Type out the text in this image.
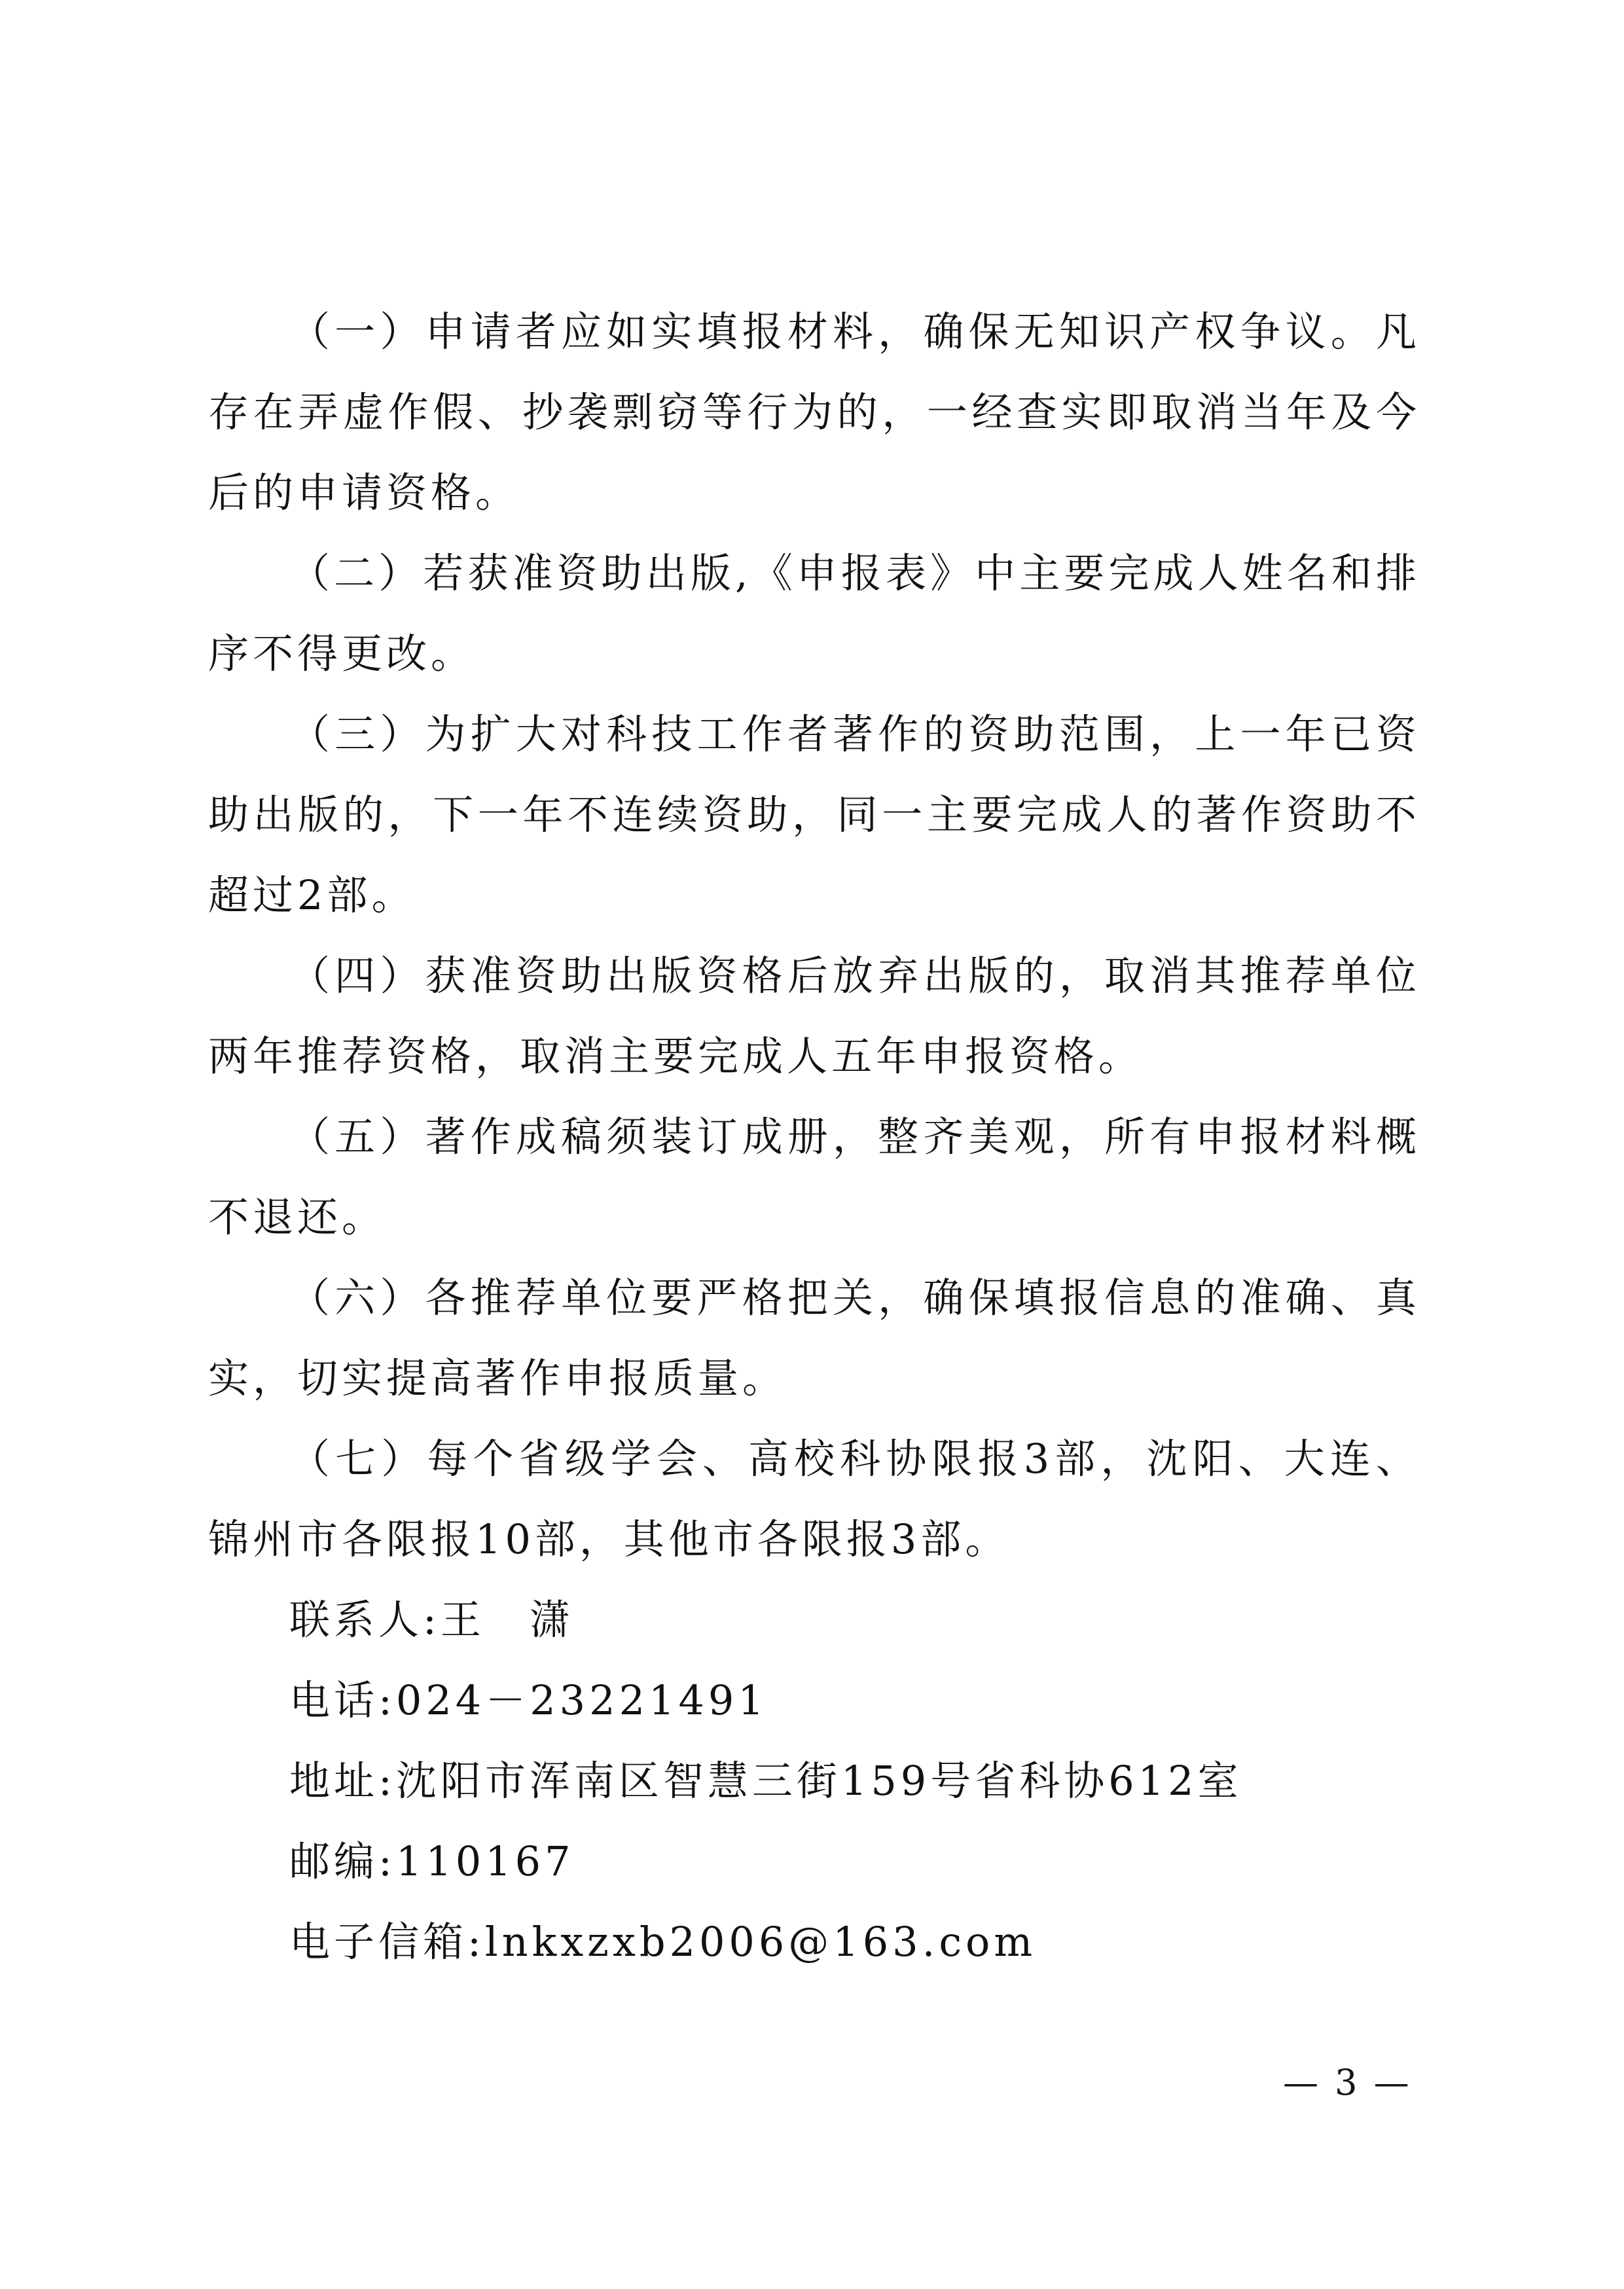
（一）申请者应如实填报材料，确保无知识产权争议。凡存在弄虚作假、抄袭剽窃等行为的，一经查实即取消当年及今后的申请资格。

（二）若获准资助出版,《申报表》中主要完成人姓名和排序不得更改。

（三）为扩大对科技工作者著作的资助范围，上一年已资助出版的，下一年不连续资助，同一主要完成人的著作资助不超过2部。

（四）获准资助出版资格后放弃出版的，取消其推荐单位两年推荐资格，取消主要完成人五年申报资格。

（五）著作成稿须装订成册，整齐美观，所有申报材料概不退还。

（六）各推荐单位要严格把关，确保填报信息的准确、真实，切实提高著作申报质量。

（七）每个省级学会、高校科协限报3部，沈阳、大连、锦州市各限报10部，其他市各限报3部。

联系人:王　潇

电话:024－23221491

地址:沈阳市浑南区智慧三街159号省科协612室

邮编:110167

电子信箱:lnkxzxb2006@163.com

— 3 —
